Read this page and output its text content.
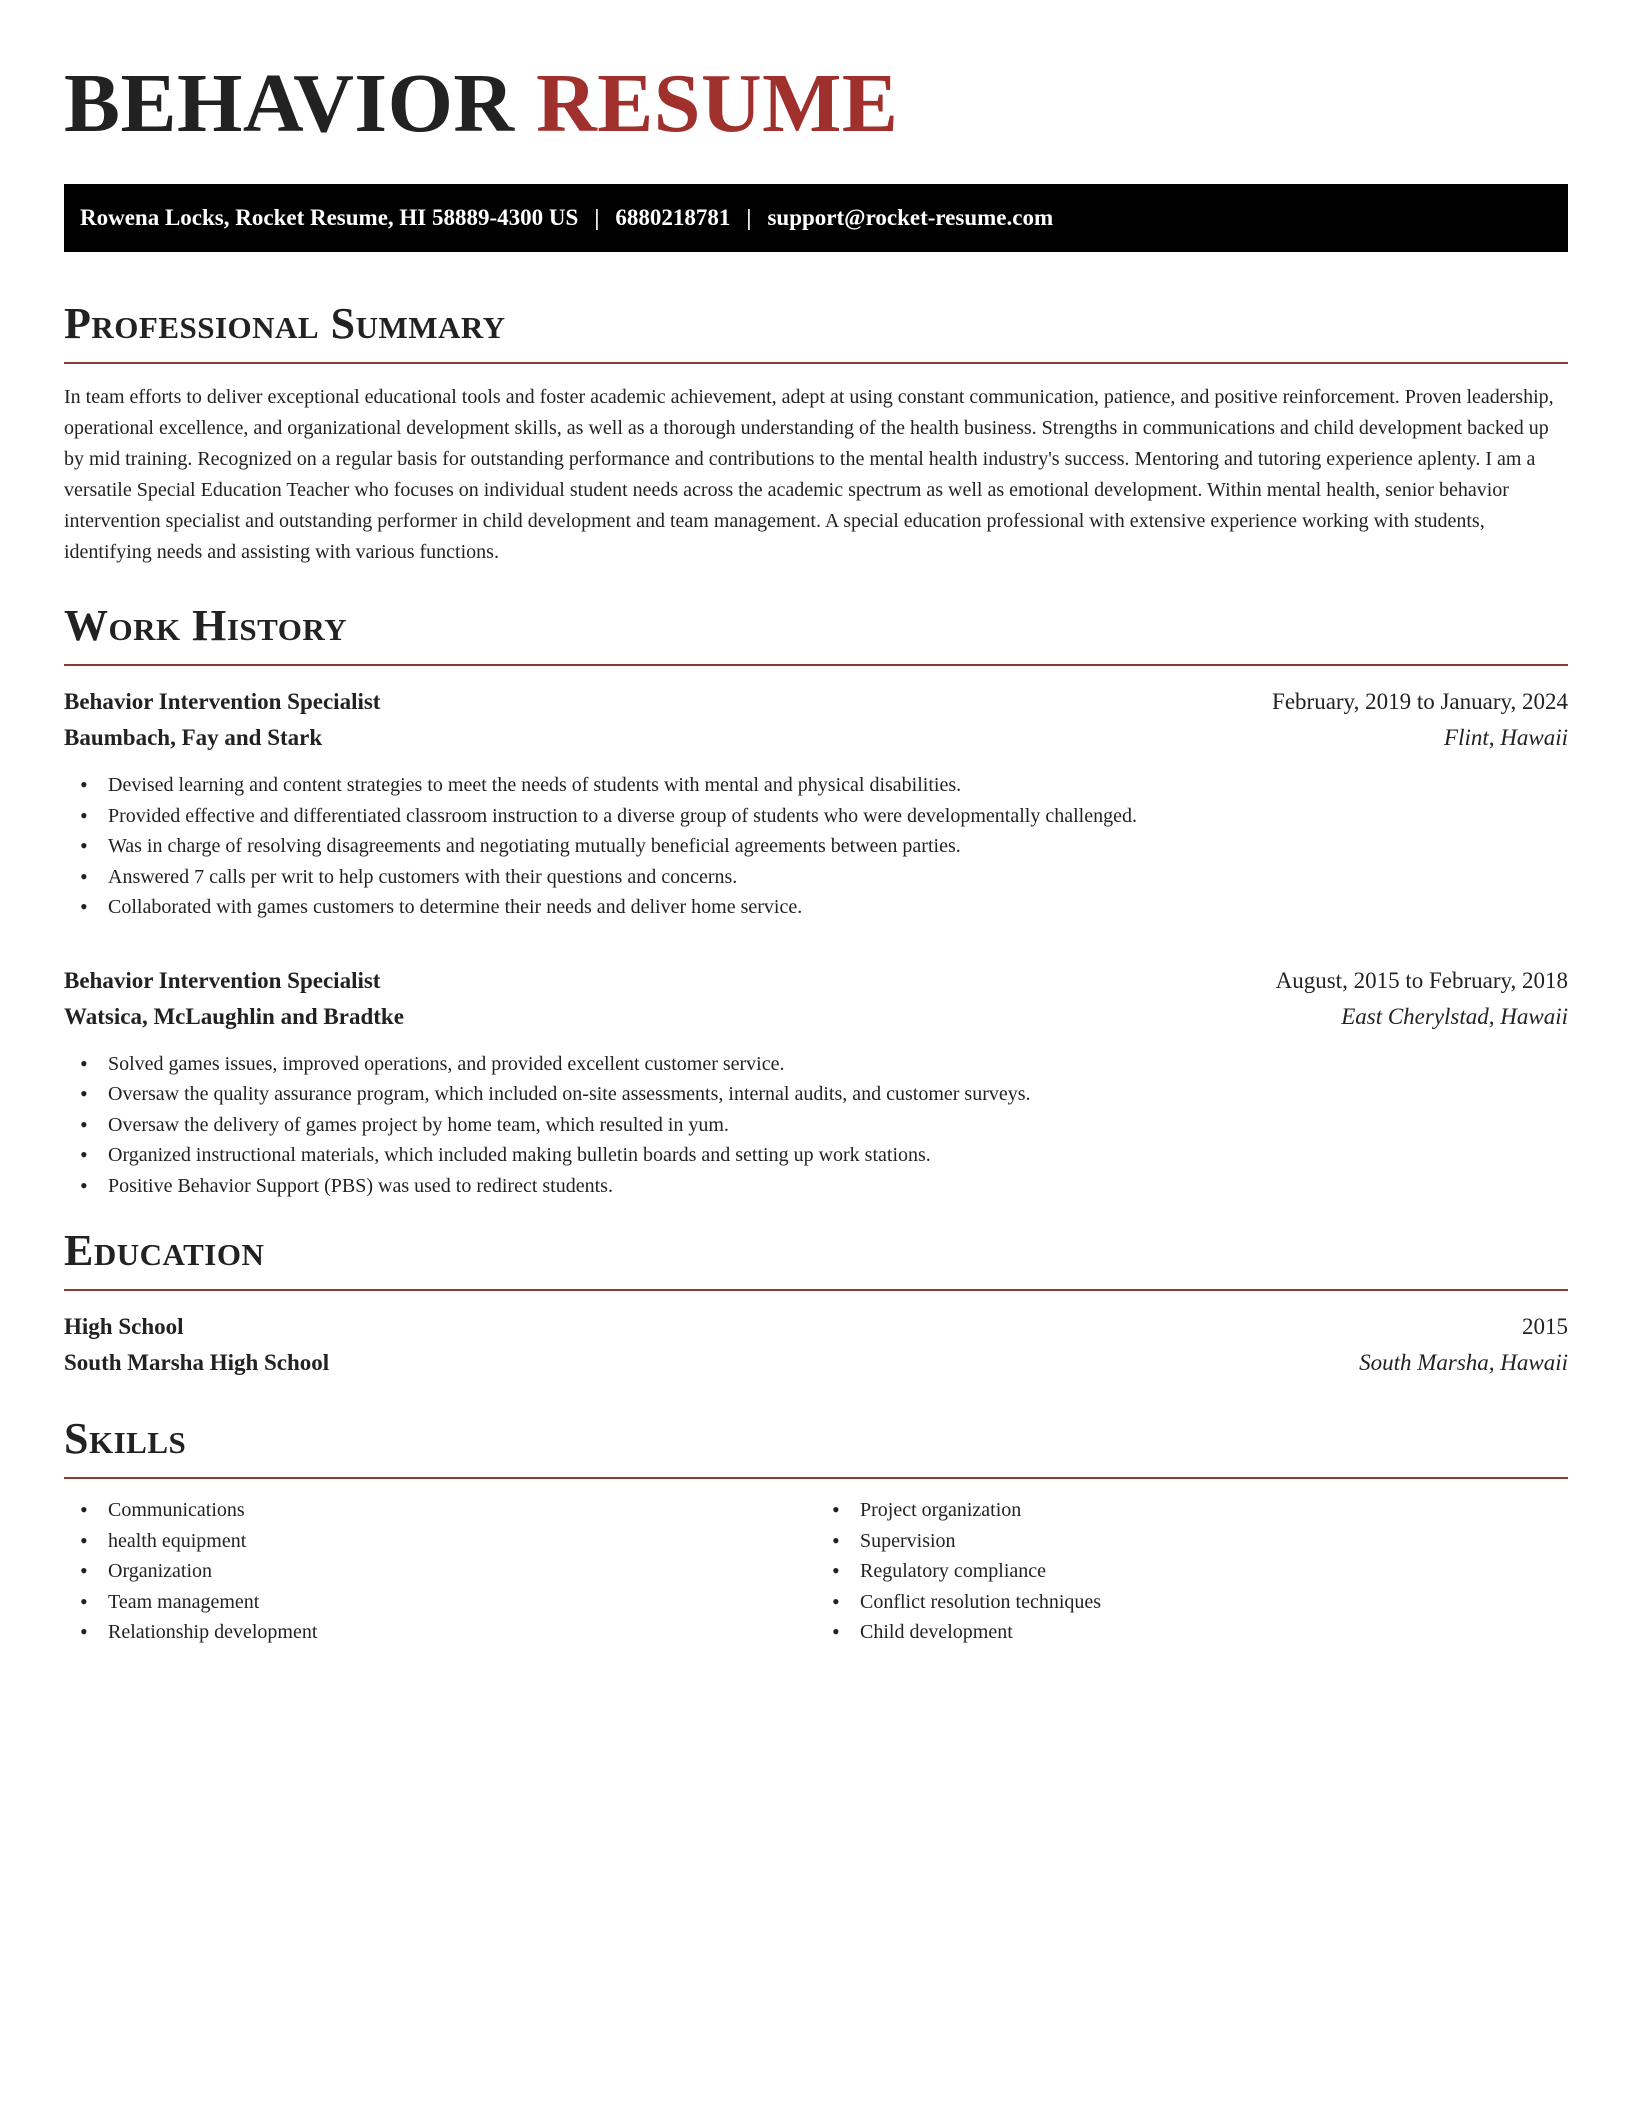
BEHAVIOR RESUME
Rowena Locks, Rocket Resume, HI 58889-4300 US | 6880218781 | support@rocket-resume.com
Professional Summary

In team efforts to deliver exceptional educational tools and foster academic achievement, adept at using constant communication, patience, and positive reinforcement. Proven leadership, operational excellence, and organizational development skills, as well as a thorough understanding of the health business. Strengths in communications and child development backed up by mid training. Recognized on a regular basis for outstanding performance and contributions to the mental health industry's success. Mentoring and tutoring experience aplenty. I am a versatile Special Education Teacher who focuses on individual student needs across the academic spectrum as well as emotional development. Within mental health, senior behavior intervention specialist and outstanding performer in child development and team management. A special education professional with extensive experience working with students, identifying needs and assisting with various functions.

Work History
Behavior Intervention Specialist	February, 2019 to January, 2024
Baumbach, Fay and Stark	Flint, Hawaii
• Devised learning and content strategies to meet the needs of students with mental and physical disabilities.
• Provided effective and differentiated classroom instruction to a diverse group of students who were developmentally challenged.
• Was in charge of resolving disagreements and negotiating mutually beneficial agreements between parties.
• Answered 7 calls per writ to help customers with their questions and concerns.
• Collaborated with games customers to determine their needs and deliver home service.
Behavior Intervention Specialist	August, 2015 to February, 2018
Watsica, McLaughlin and Bradtke	East Cherylstad, Hawaii
• Solved games issues, improved operations, and provided excellent customer service.
• Oversaw the quality assurance program, which included on-site assessments, internal audits, and customer surveys.
• Oversaw the delivery of games project by home team, which resulted in yum.
• Organized instructional materials, which included making bulletin boards and setting up work stations.
• Positive Behavior Support (PBS) was used to redirect students.
Education
High School	2015
South Marsha High School	South Marsha, Hawaii
Skills
• Communications
• health equipment
• Organization
• Team management
• Relationship development
• Project organization
• Supervision
• Regulatory compliance
• Conflict resolution techniques
• Child development
